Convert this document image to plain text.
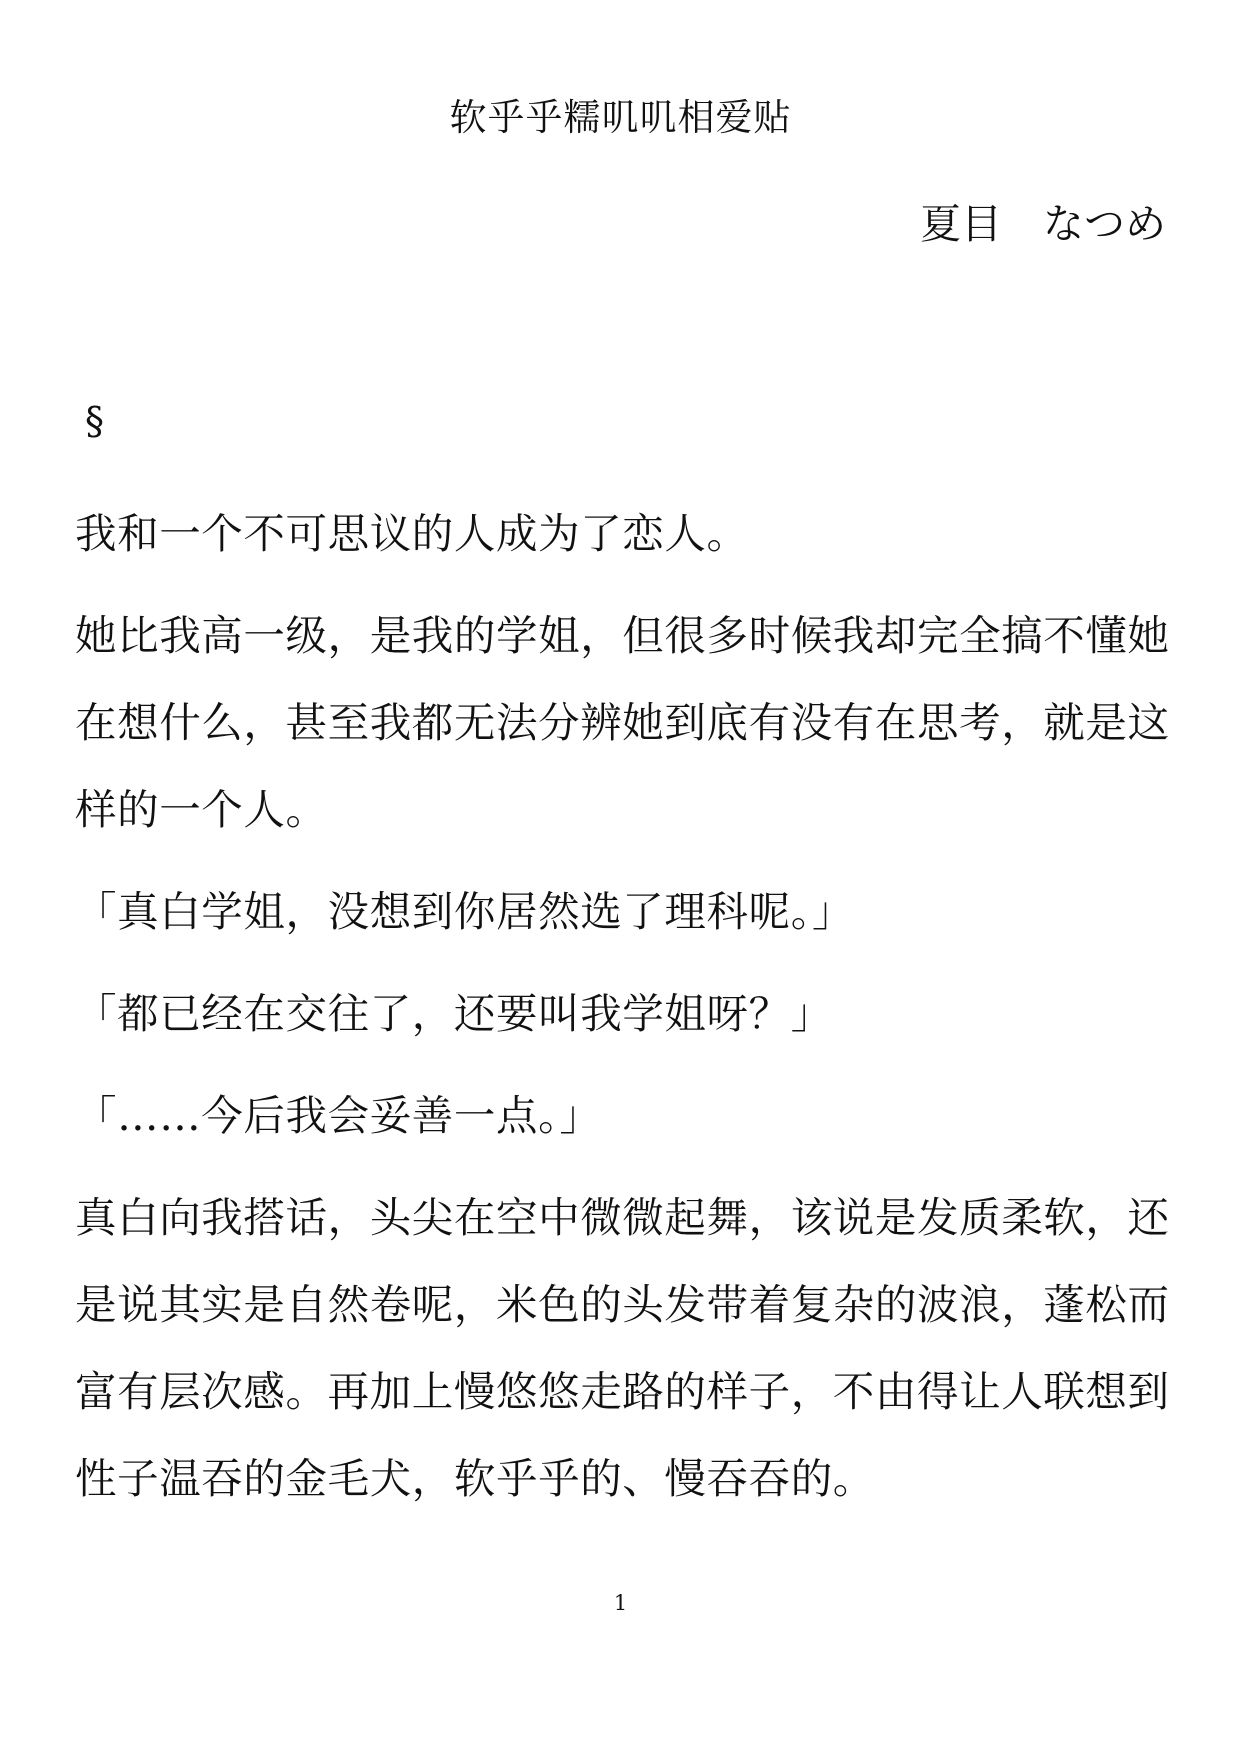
软乎乎糯叽叽相爱贴
夏目　なつめ
§

我和一个不可思议的人成为了恋人。

她比我高一级，是我的学姐，但很多时候我却完全搞不懂她在想什么，甚至我都无法分辨她到底有没有在思考，就是这样的一个人。

「真白学姐，没想到你居然选了理科呢。」

「都已经在交往了，还要叫我学姐呀？」

「……今后我会妥善一点。」

真白向我搭话，头尖在空中微微起舞，该说是发质柔软，还是说其实是自然卷呢，米色的头发带着复杂的波浪，蓬松而富有层次感。再加上慢悠悠走路的样子，不由得让人联想到性子温吞的金毛犬，软乎乎的、慢吞吞的。

1
